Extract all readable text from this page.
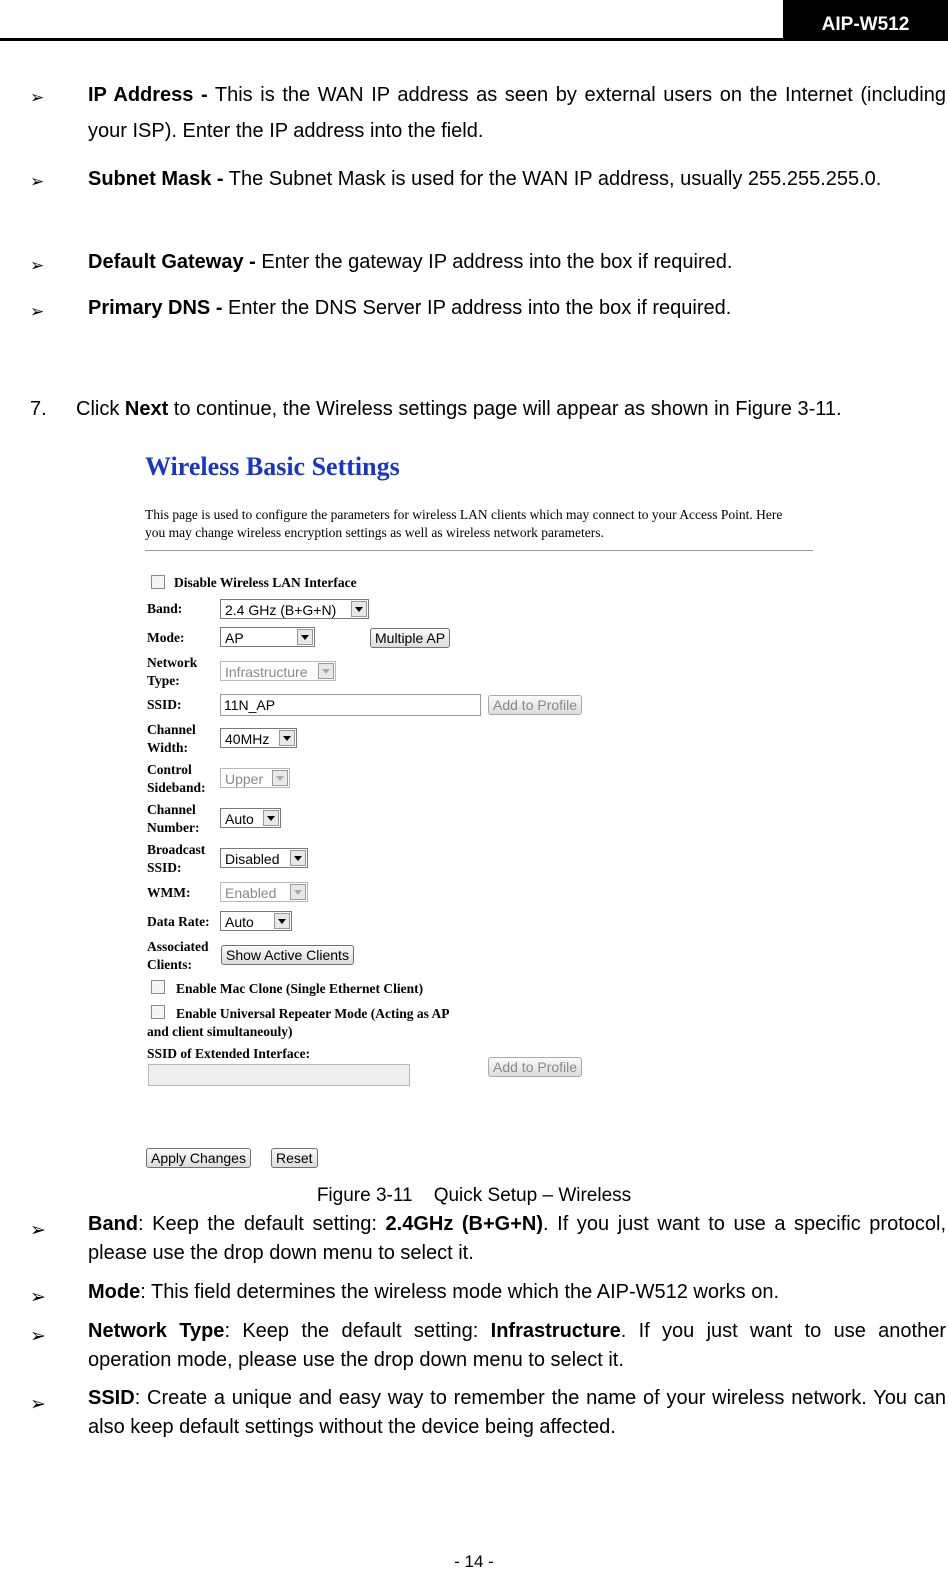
AIP-W512
➢ IP Address - This is the WAN IP address as seen by external users on the Internet (including your ISP). Enter the IP address into the field.
➢ Subnet Mask - The Subnet Mask is used for the WAN IP address, usually 255.255.255.0.
➢ Default Gateway - Enter the gateway IP address into the box if required.
➢ Primary DNS - Enter the DNS Server IP address into the box if required.
7. Click Next to continue, the Wireless settings page will appear as shown in Figure 3-11.
Wireless Basic Settings
This page is used to configure the parameters for wireless LAN clients which may connect to your Access Point. Here you may change wireless encryption settings as well as wireless network parameters.
Disable Wireless LAN Interface
Band:	2.4 GHz (B+G+N)
Mode:	AP	Multiple AP
Network
Type:
Infrastructure
SSID:	11N_AP	Add to Profile
Channel
Width:
40MHz
Control
Sideband:
Upper
Channel
Number:
Auto
Broadcast
SSID:
Disabled
WMM:	Enabled
Data Rate:	Auto
Associated
Clients:
Show Active Clients
Enable Mac Clone (Single Ethernet Client)
Enable Universal Repeater Mode (Acting as AP
and client simultaneouly)
SSID of Extended Interface:
Add to Profile
Apply Changes	Reset
Figure 3-11    Quick Setup – Wireless
➢ Band: Keep the default setting: 2.4GHz (B+G+N). If you just want to use a specific protocol, please use the drop down menu to select it.
➢ Mode: This field determines the wireless mode which the AIP-W512 works on.
➢ Network Type: Keep the default setting: Infrastructure. If you just want to use another operation mode, please use the drop down menu to select it.
➢ SSID: Create a unique and easy way to remember the name of your wireless network. You can also keep default settings without the device being affected.
- 14 -
